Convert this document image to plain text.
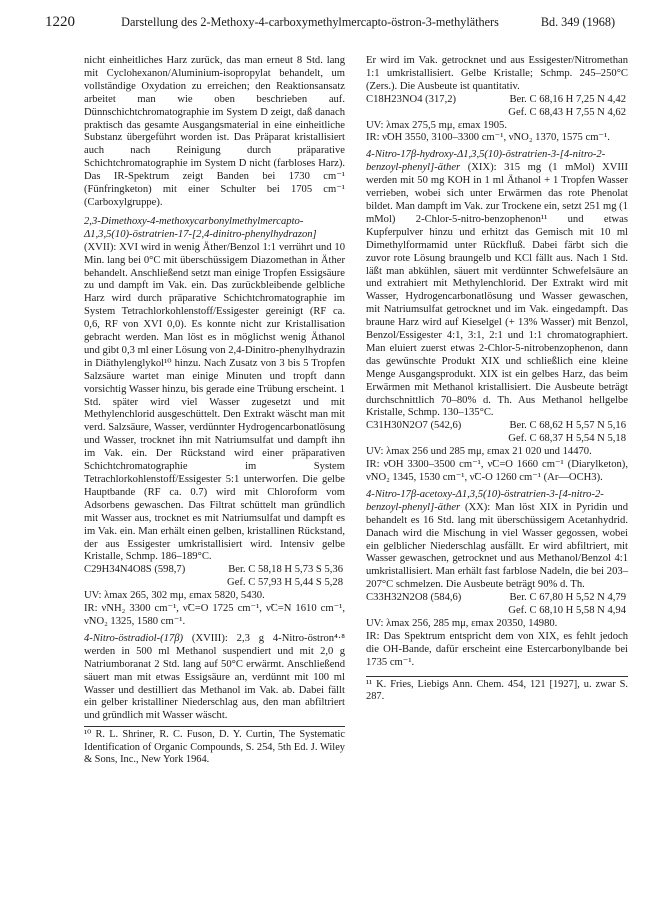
1220	Darstellung des 2-Methoxy-4-carboxymethylmercapto-östron-3-methyläthers	Bd. 349 (1968)

nicht einheitliches Harz zurück, das man erneut 8 Std. lang mit Cyclohexanon/Aluminium-isopropylat behandelt, um vollständige Oxydation zu erreichen; den Reaktionsansatz arbeitet man wie oben beschrieben auf. Dünnschichtchromatographie im System D zeigt, daß danach praktisch das gesamte Ausgangsmaterial in eine einheitliche Substanz übergeführt worden ist. Das Präparat kristallisiert auch nach Reinigung durch präparative Schichtchromatographie im System D nicht (farbloses Harz). Das IR-Spektrum zeigt Banden bei 1730 cm⁻¹ (Fünfringketon) mit einer Schulter bei 1705 cm⁻¹ (Carboxylgruppe).

2,3-Dimethoxy-4-methoxycarbonylmethylmercapto-Δ1,3,5(10)-östratrien-17-[2,4-dinitro-phenylhydrazon] (XVII): XVI wird in wenig Äther/Benzol 1:1 verrührt und 10 Min. lang bei 0°C mit überschüssigem Diazomethan in Äther behandelt. Anschließend setzt man einige Tropfen Essigsäure zu und dampft im Vak. ein. Das zurückbleibende gelbliche Harz wird durch präparative Schichtchromatographie im System Tetrachlorkohlenstoff/Essigester gereinigt (RF ca. 0,6, RF von XVI 0,0). Es konnte nicht zur Kristallisation gebracht werden. Man löst es in möglichst wenig Äthanol und gibt 0,3 ml einer Lösung von 2,4-Dinitro-phenylhydrazin in Diäthylenglykol¹⁰ hinzu. Nach Zusatz von 3 bis 5 Tropfen Salzsäure wartet man einige Minuten und tropft dann vorsichtig Wasser hinzu, bis gerade eine Trübung erscheint. 1 Std. später wird viel Wasser zugesetzt und mit Methylenchlorid ausgeschüttelt. Den Extrakt wäscht man mit verd. Salzsäure, Wasser, verdünnter Hydrogencarbonatlösung und Wasser, trocknet ihn mit Natriumsulfat und dampft ihn im Vak. ein. Der Rückstand wird einer präparativen Schichtchromatographie im System Tetrachlorkohlenstoff/Essigester 5:1 unterworfen. Die gelbe Hauptbande (RF ca. 0.7) wird mit Chloroform vom Adsorbens gewaschen. Das Filtrat schüttelt man gründlich mit Wasser aus, trocknet es mit Natriumsulfat und dampft es im Vak. ein. Man erhält einen gelben, kristallinen Rückstand, der aus Essigester umkristallisiert wird. Intensiv gelbe Kristalle, Schmp. 186–189°C.

C29H34N4O8S (598,7)	Ber. C 58,18 H 5,73 S 5,36
Gef. C 57,93 H 5,44 S 5,28

UV: λmax 265, 302 mμ, εmax 5820, 5430.

IR: ν̃NH₂ 3300 cm⁻¹, ν̃C=O 1725 cm⁻¹, ν̃C=N 1610 cm⁻¹, ν̃NO₂ 1325, 1580 cm⁻¹.

4-Nitro-östradiol-(17β) (XVIII): 2,3 g 4-Nitro-östron⁴·⁸ werden in 500 ml Methanol suspendiert und mit 2,0 g Natriumboranat 2 Std. lang auf 50°C erwärmt. Anschließend säuert man mit etwas Essigsäure an, verdünnt mit 100 ml Wasser und destilliert das Methanol im Vak. ab. Dabei fällt ein gelber kristalliner Niederschlag aus, den man abfiltriert und gründlich mit Wasser wäscht.

¹⁰ R. L. Shriner, R. C. Fuson, D. Y. Curtin, The Systematic Identification of Organic Compounds, S. 254, 5th Ed. J. Wiley & Sons, Inc., New York 1964.

Er wird im Vak. getrocknet und aus Essigester/Nitromethan 1:1 umkristallisiert. Gelbe Kristalle; Schmp. 245–250°C (Zers.). Die Ausbeute ist quantitativ.

C18H23NO4 (317,2)	Ber. C 68,16 H 7,25 N 4,42
Gef. C 68,43 H 7,55 N 4,62

UV: λmax 275,5 mμ, εmax 1905.

IR: ν̃OH 3550, 3100–3300 cm⁻¹, ν̃NO₂ 1370, 1575 cm⁻¹.

4-Nitro-17β-hydroxy-Δ1,3,5(10)-östratrien-3-[4-nitro-2-benzoyl-phenyl]-äther (XIX): 315 mg (1 mMol) XVIII werden mit 50 mg KOH in 1 ml Äthanol + 1 Tropfen Wasser verrieben, wobei sich unter Erwärmen das rote Phenolat bildet. Man dampft im Vak. zur Trockene ein, setzt 251 mg (1 mMol) 2-Chlor-5-nitro-benzophenon¹¹ und etwas Kupferpulver hinzu und erhitzt das Gemisch mit 10 ml Dimethylformamid unter Rückfluß. Dabei färbt sich die zuvor rote Lösung braungelb und KCl fällt aus. Nach 1 Std. läßt man abkühlen, säuert mit verdünnter Schwefelsäure an und extrahiert mit Methylenchlorid. Der Extrakt wird mit Wasser, Hydrogencarbonatlösung und Wasser gewaschen, mit Natriumsulfat getrocknet und im Vak. eingedampft. Das braune Harz wird auf Kieselgel (+ 13% Wasser) mit Benzol, Benzol/Essigester 4:1, 3:1, 2:1 und 1:1 chromatographiert. Man eluiert zuerst etwas 2-Chlor-5-nitrobenzophenon, dann das gewünschte Produkt XIX und schließlich eine kleine Menge Ausgangsprodukt. XIX ist ein gelbes Harz, das beim Erwärmen mit Methanol kristallisiert. Die Ausbeute beträgt durchschnittlich 70–80% d. Th. Aus Methanol hellgelbe Kristalle, Schmp. 130–135°C.

C31H30N2O7 (542,6)	Ber. C 68,62 H 5,57 N 5,16
Gef. C 68,37 H 5,54 N 5,18

UV: λmax 256 und 285 mμ, εmax 21 020 und 14470.

IR: ν̃OH 3300–3500 cm⁻¹, ν̃C=O 1660 cm⁻¹ (Diarylketon), ν̃NO₂ 1345, 1530 cm⁻¹, ν̃C-O 1260 cm⁻¹ (Ar—OCH3).

4-Nitro-17β-acetoxy-Δ1,3,5(10)-östratrien-3-[4-nitro-2-benzoyl-phenyl]-äther (XX): Man löst XIX in Pyridin und behandelt es 16 Std. lang mit überschüssigem Acetanhydrid. Danach wird die Mischung in viel Wasser gegossen, wobei ein gelblicher Niederschlag ausfällt. Er wird abfiltriert, mit Wasser gewaschen, getrocknet und aus Methanol/Benzol 4:1 umkristallisiert. Man erhält fast farblose Nadeln, die bei 203–207°C schmelzen. Die Ausbeute beträgt 90% d. Th.

C33H32N2O8 (584,6)	Ber. C 67,80 H 5,52 N 4,79
Gef. C 68,10 H 5,58 N 4,94

UV: λmax 256, 285 mμ, εmax 20350, 14980.

IR: Das Spektrum entspricht dem von XIX, es fehlt jedoch die OH-Bande, dafür erscheint eine Estercarbonylbande bei 1735 cm⁻¹.

¹¹ K. Fries, Liebigs Ann. Chem. 454, 121 [1927], u. zwar S. 287.
